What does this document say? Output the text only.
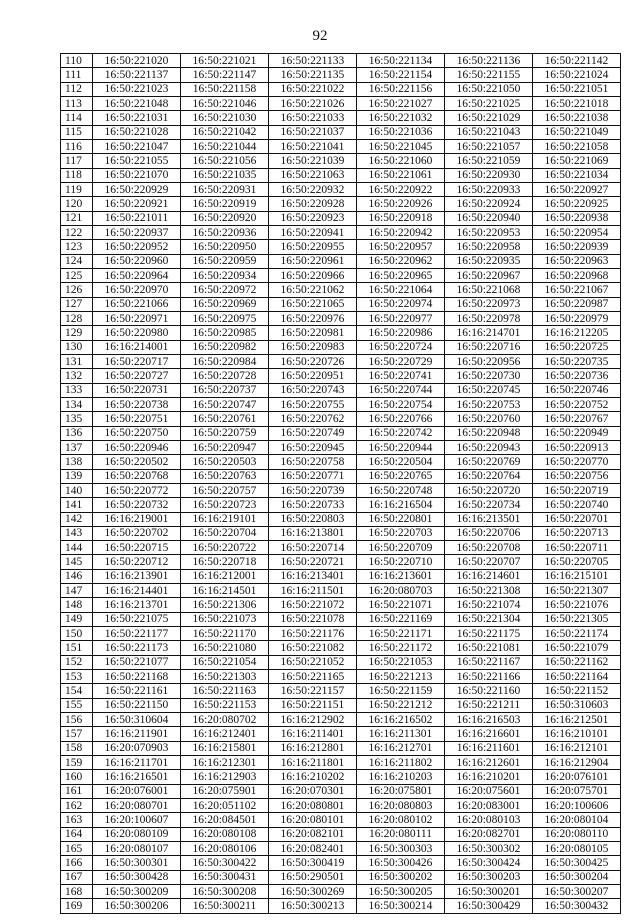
92
110	16:50:221020	16:50:221021	16:50:221133	16:50:221134	16:50:221136	16:50:221142
111	16:50:221137	16:50:221147	16:50:221135	16:50:221154	16:50:221155	16:50:221024
112	16:50:221023	16:50:221158	16:50:221022	16:50:221156	16:50:221050	16:50:221051
113	16:50:221048	16:50:221046	16:50:221026	16:50:221027	16:50:221025	16:50:221018
114	16:50:221031	16:50:221030	16:50:221033	16:50:221032	16:50:221029	16:50:221038
115	16:50:221028	16:50:221042	16:50:221037	16:50:221036	16:50:221043	16:50:221049
116	16:50:221047	16:50:221044	16:50:221041	16:50:221045	16:50:221057	16:50:221058
117	16:50:221055	16:50:221056	16:50:221039	16:50:221060	16:50:221059	16:50:221069
118	16:50:221070	16:50:221035	16:50:221063	16:50:221061	16:50:220930	16:50:221034
119	16:50:220929	16:50:220931	16:50:220932	16:50:220922	16:50:220933	16:50:220927
120	16:50:220921	16:50:220919	16:50:220928	16:50:220926	16:50:220924	16:50:220925
121	16:50:221011	16:50:220920	16:50:220923	16:50:220918	16:50:220940	16:50:220938
122	16:50:220937	16:50:220936	16:50:220941	16:50:220942	16:50:220953	16:50:220954
123	16:50:220952	16:50:220950	16:50:220955	16:50:220957	16:50:220958	16:50:220939
124	16:50:220960	16:50:220959	16:50:220961	16:50:220962	16:50:220935	16:50:220963
125	16:50:220964	16:50:220934	16:50:220966	16:50:220965	16:50:220967	16:50:220968
126	16:50:220970	16:50:220972	16:50:221062	16:50:221064	16:50:221068	16:50:221067
127	16:50:221066	16:50:220969	16:50:221065	16:50:220974	16:50:220973	16:50:220987
128	16:50:220971	16:50:220975	16:50:220976	16:50:220977	16:50:220978	16:50:220979
129	16:50:220980	16:50:220985	16:50:220981	16:50:220986	16:16:214701	16:16:212205
130	16:16:214001	16:50:220982	16:50:220983	16:50:220724	16:50:220716	16:50:220725
131	16:50:220717	16:50:220984	16:50:220726	16:50:220729	16:50:220956	16:50:220735
132	16:50:220727	16:50:220728	16:50:220951	16:50:220741	16:50:220730	16:50:220736
133	16:50:220731	16:50:220737	16:50:220743	16:50:220744	16:50:220745	16:50:220746
134	16:50:220738	16:50:220747	16:50:220755	16:50:220754	16:50:220753	16:50:220752
135	16:50:220751	16:50:220761	16:50:220762	16:50:220766	16:50:220760	16:50:220767
136	16:50:220750	16:50:220759	16:50:220749	16:50:220742	16:50:220948	16:50:220949
137	16:50:220946	16:50:220947	16:50:220945	16:50:220944	16:50:220943	16:50:220913
138	16:50:220502	16:50:220503	16:50:220758	16:50:220504	16:50:220769	16:50:220770
139	16:50:220768	16:50:220763	16:50:220771	16:50:220765	16:50:220764	16:50:220756
140	16:50:220772	16:50:220757	16:50:220739	16:50:220748	16:50:220720	16:50:220719
141	16:50:220732	16:50:220723	16:50:220733	16:16:216504	16:50:220734	16:50:220740
142	16:16:219001	16:16:219101	16:50:220803	16:50:220801	16:16:213501	16:50:220701
143	16:50:220702	16:50:220704	16:16:213801	16:50:220703	16:50:220706	16:50:220713
144	16:50:220715	16:50:220722	16:50:220714	16:50:220709	16:50:220708	16:50:220711
145	16:50:220712	16:50:220718	16:50:220721	16:50:220710	16:50:220707	16:50:220705
146	16:16:213901	16:16:212001	16:16:213401	16:16:213601	16:16:214601	16:16:215101
147	16:16:214401	16:16:214501	16:16:211501	16:20:080703	16:50:221308	16:50:221307
148	16:16:213701	16:50:221306	16:50:221072	16:50:221071	16:50:221074	16:50:221076
149	16:50:221075	16:50:221073	16:50:221078	16:50:221169	16:50:221304	16:50:221305
150	16:50:221177	16:50:221170	16:50:221176	16:50:221171	16:50:221175	16:50:221174
151	16:50:221173	16:50:221080	16:50:221082	16:50:221172	16:50:221081	16:50:221079
152	16:50:221077	16:50:221054	16:50:221052	16:50:221053	16:50:221167	16:50:221162
153	16:50:221168	16:50:221303	16:50:221165	16:50:221213	16:50:221166	16:50:221164
154	16:50:221161	16:50:221163	16:50:221157	16:50:221159	16:50:221160	16:50:221152
155	16:50:221150	16:50:221153	16:50:221151	16:50:221212	16:50:221211	16:50:310603
156	16:50:310604	16:20:080702	16:16:212902	16:16:216502	16:16:216503	16:16:212501
157	16:16:211901	16:16:212401	16:16:211401	16:16:211301	16:16:216601	16:16:210101
158	16:20:070903	16:16:215801	16:16:212801	16:16:212701	16:16:211601	16:16:212101
159	16:16:211701	16:16:212301	16:16:211801	16:16:211802	16:16:212601	16:16:212904
160	16:16:216501	16:16:212903	16:16:210202	16:16:210203	16:16:210201	16:20:076101
161	16:20:076001	16:20:075901	16:20:070301	16:20:075801	16:20:075601	16:20:075701
162	16:20:080701	16:20:051102	16:20:080801	16:20:080803	16:20:083001	16:20:100606
163	16:20:100607	16:20:084501	16:20:080101	16:20:080102	16:20:080103	16:20:080104
164	16:20:080109	16:20:080108	16:20:082101	16:20:080111	16:20:082701	16:20:080110
165	16:20:080107	16:20:080106	16:20:082401	16:50:300303	16:50:300302	16:20:080105
166	16:50:300301	16:50:300422	16:50:300419	16:50:300426	16:50:300424	16:50:300425
167	16:50:300428	16:50:300431	16:50:290501	16:50:300202	16:50:300203	16:50:300204
168	16:50:300209	16:50:300208	16:50:300269	16:50:300205	16:50:300201	16:50:300207
169	16:50:300206	16:50:300211	16:50:300213	16:50:300214	16:50:300429	16:50:300432
